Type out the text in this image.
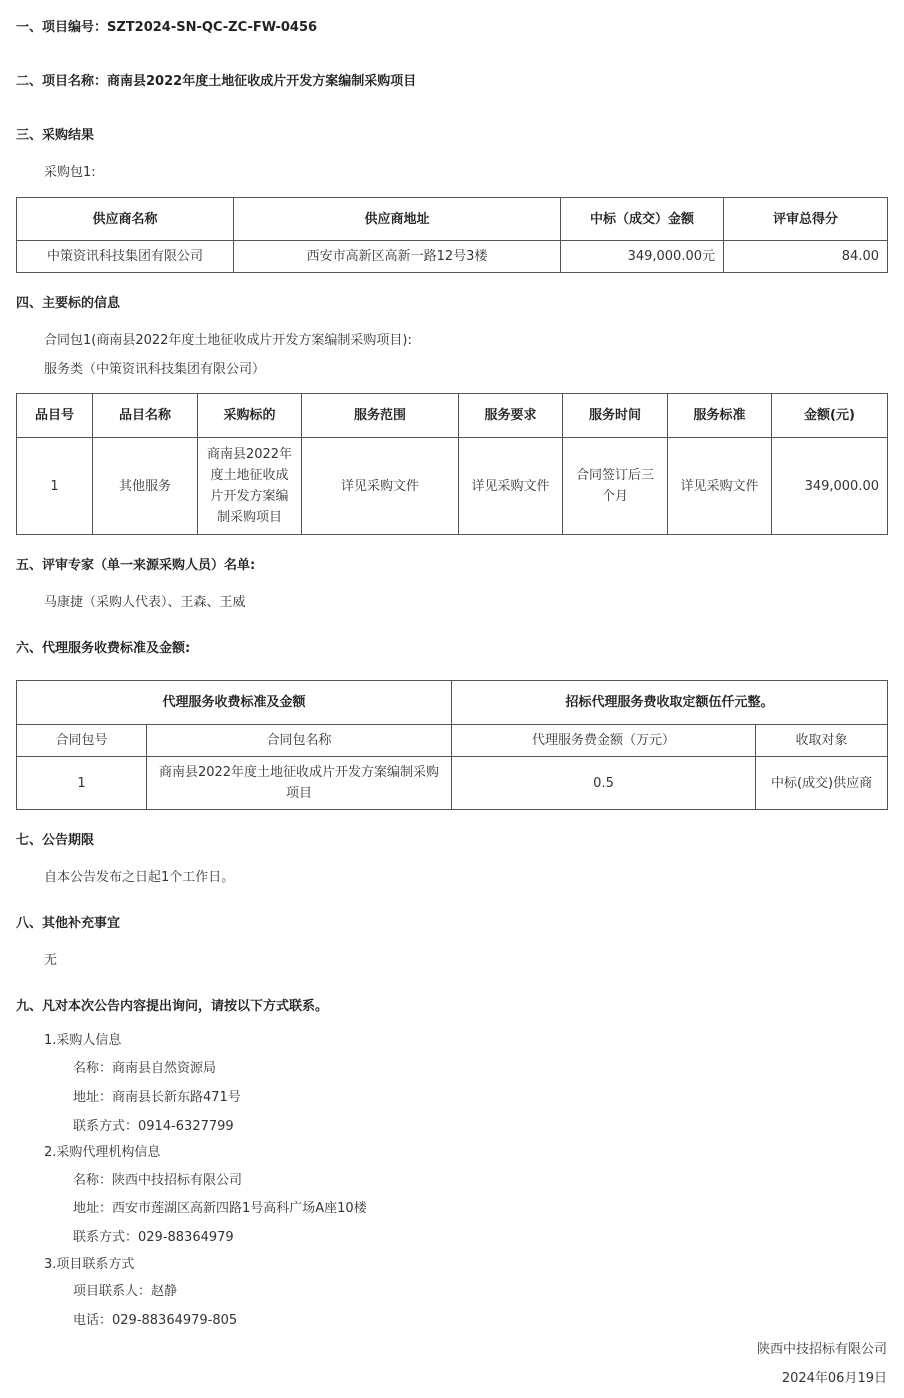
一、项目编号：SZT2024-SN-QC-ZC-FW-0456
二、项目名称：商南县2022年度土地征收成片开发方案编制采购项目
三、采购结果
采购包1:
供应商名称	供应商地址	中标（成交）金额	评审总得分
中策资讯科技集团有限公司	西安市高新区高新一路12号3楼	349,000.00元	84.00
四、主要标的信息
合同包1(商南县2022年度土地征收成片开发方案编制采购项目):
服务类（中策资讯科技集团有限公司）
品目号	品目名称	采购标的	服务范围	服务要求	服务时间	服务标准	金额(元)
1	其他服务	商南县2022年度土地征收成片开发方案编制采购项目	详见采购文件	详见采购文件	合同签订后三个月	详见采购文件	349,000.00
五、评审专家（单一来源采购人员）名单:
马康捷（采购人代表）、王森、王威
六、代理服务收费标准及金额:
代理服务收费标准及金额		招标代理服务费收取定额伍仟元整。	
合同包号	合同包名称	代理服务费金额（万元）	收取对象
1	商南县2022年度土地征收成片开发方案编制采购项目	0.5	中标(成交)供应商
七、公告期限
自本公告发布之日起1个工作日。
八、其他补充事宜
无
九、凡对本次公告内容提出询问，请按以下方式联系。
1.采购人信息
名称：商南县自然资源局
地址：商南县长新东路471号
联系方式：0914-6327799
2.采购代理机构信息
名称：陕西中技招标有限公司
地址：西安市莲湖区高新四路1号高科广场A座10楼
联系方式：029-88364979
3.项目联系方式
项目联系人：赵静
电话：029-88364979-805
陕西中技招标有限公司
2024年06月19日
